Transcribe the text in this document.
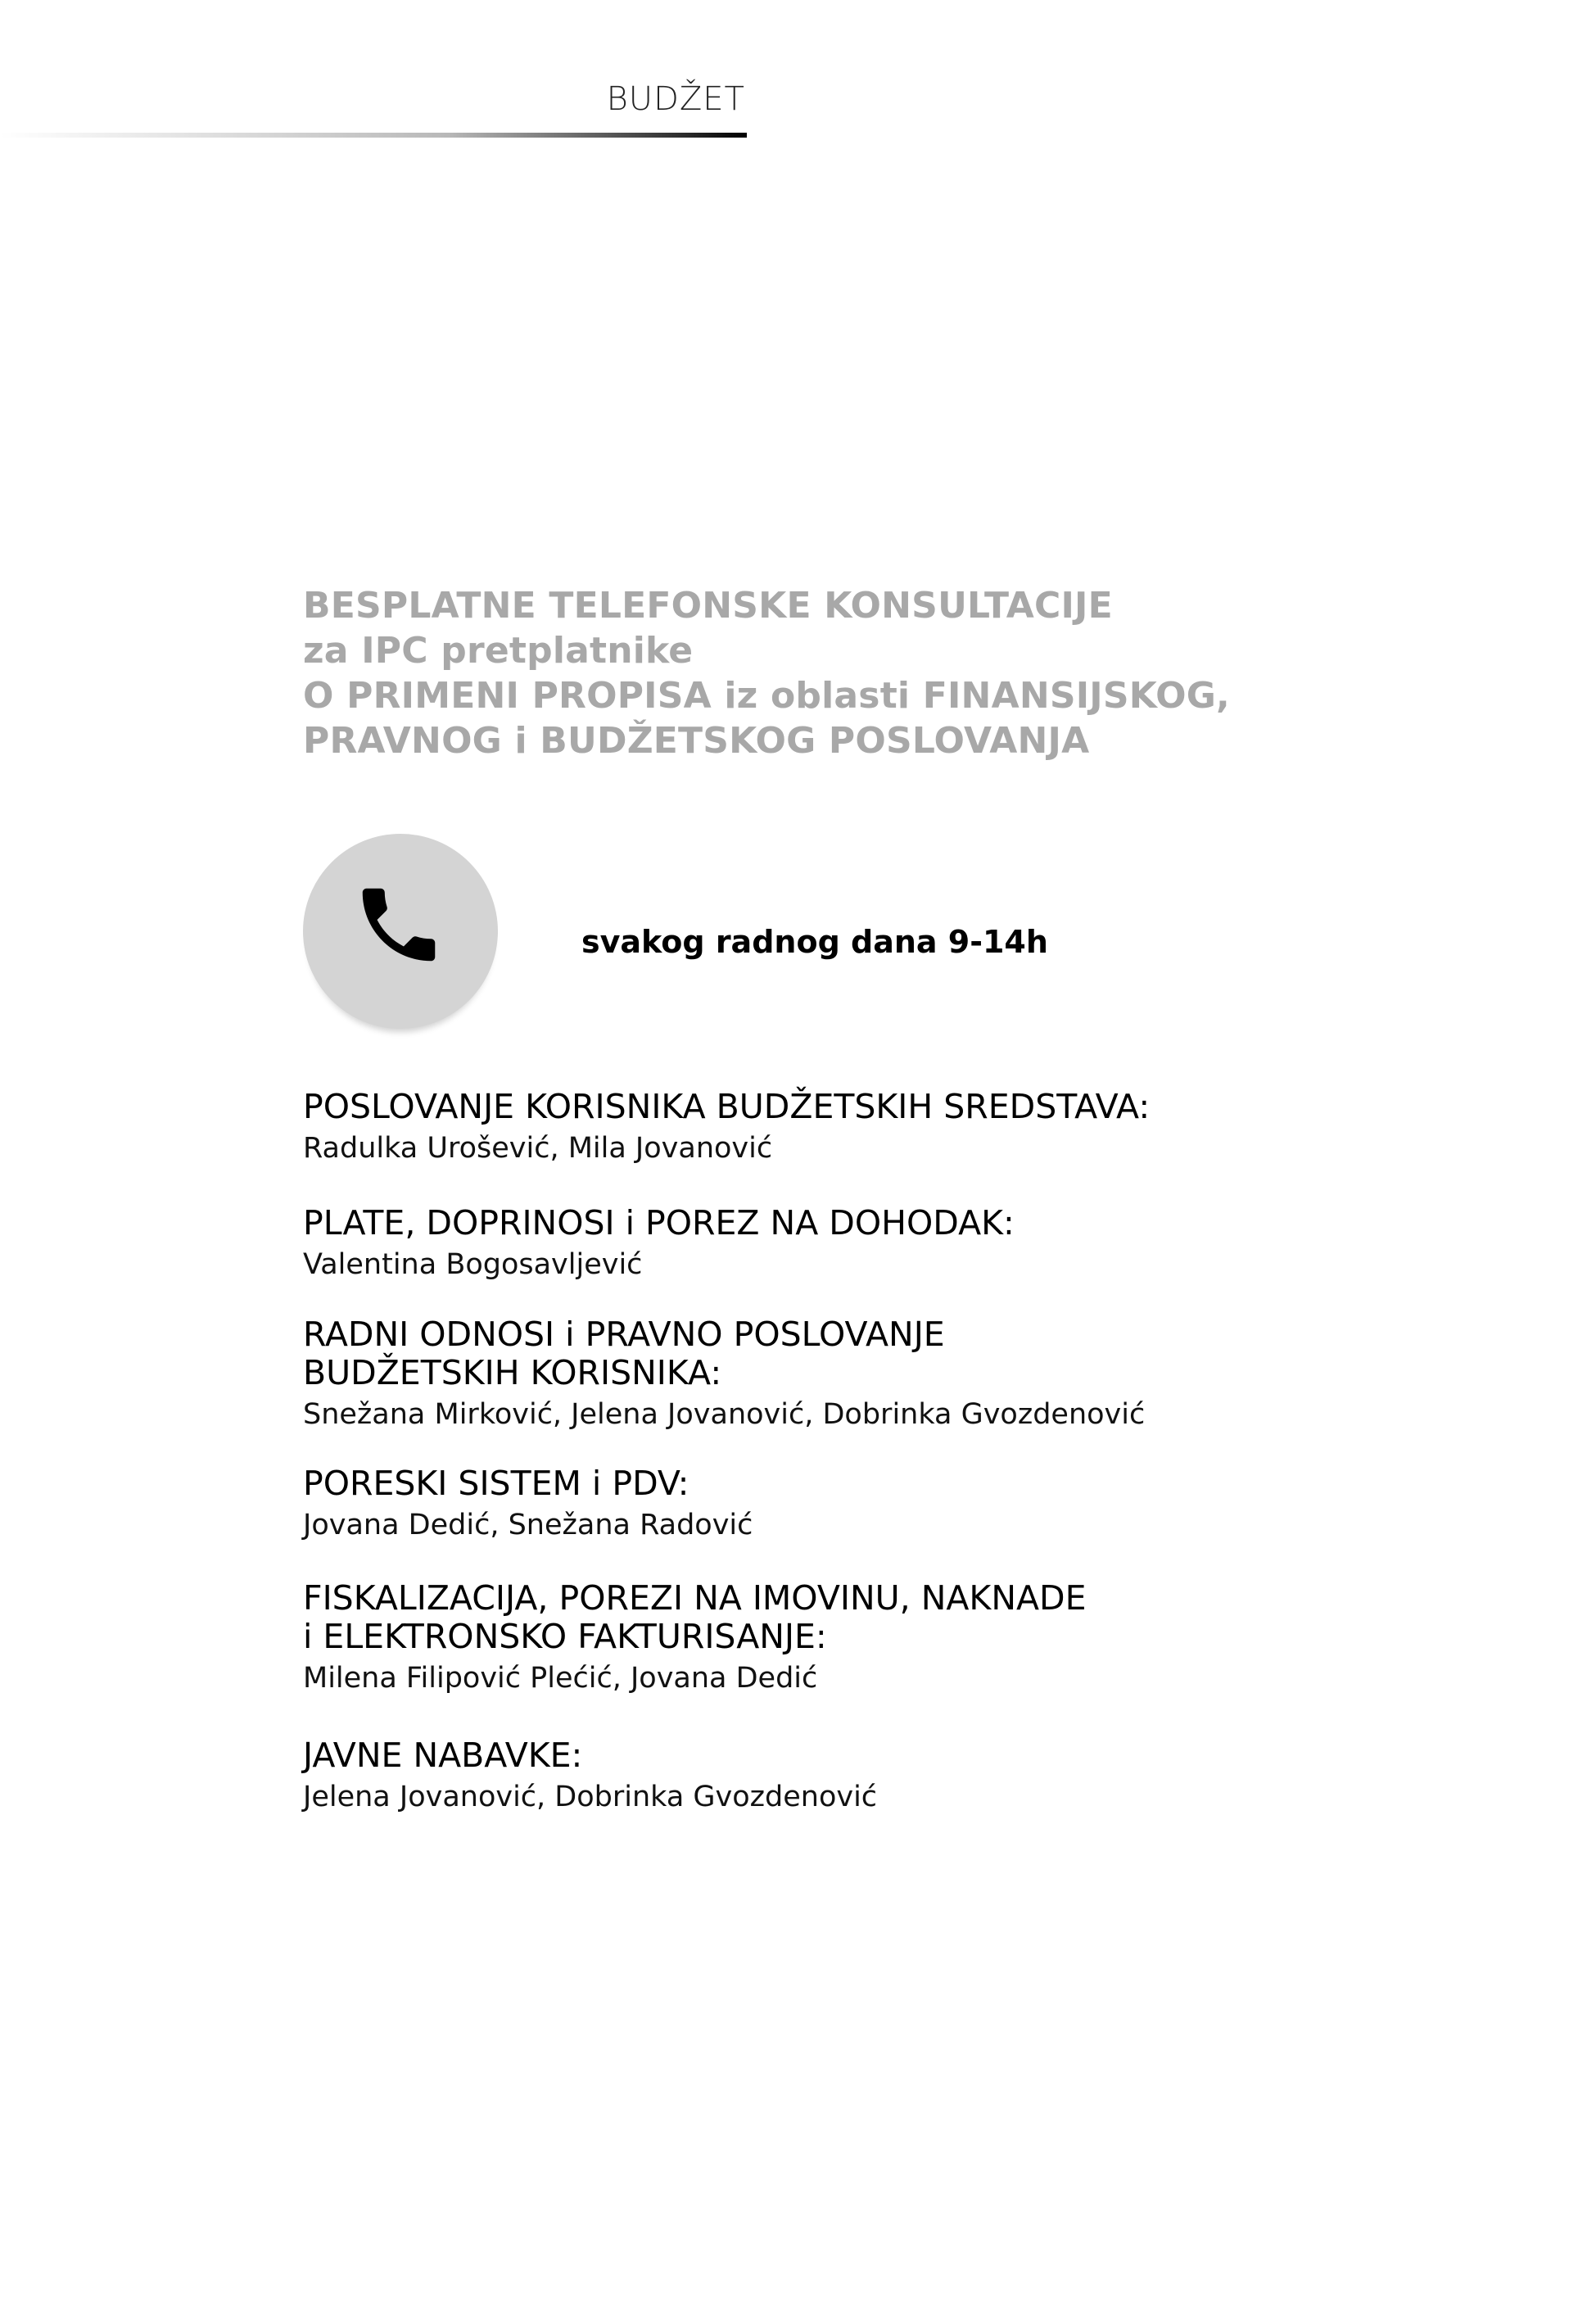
BUDŽET
BESPLATNE TELEFONSKE KONSULTACIJE
za IPC pretplatnike
O PRIMENI PROPISA iz oblasti FINANSIJSKOG,
PRAVNOG i BUDŽETSKOG POSLOVANJA
svakog radnog dana 9-14h
POSLOVANJE KORISNIKA BUDŽETSKIH SREDSTAVA:
Radulka Urošević, Mila Jovanović
PLATE, DOPRINOSI i POREZ NA DOHODAK:
Valentina Bogosavljević
RADNI ODNOSI i PRAVNO POSLOVANJE
BUDŽETSKIH KORISNIKA:
Snežana Mirković, Jelena Jovanović, Dobrinka Gvozdenović
PORESKI SISTEM i PDV:
Jovana Dedić, Snežana Radović
FISKALIZACIJA, POREZI NA IMOVINU, NAKNADE
i ELEKTRONSKO FAKTURISANJE:
Milena Filipović Plećić, Jovana Dedić
JAVNE NABAVKE:
Jelena Jovanović, Dobrinka Gvozdenović
